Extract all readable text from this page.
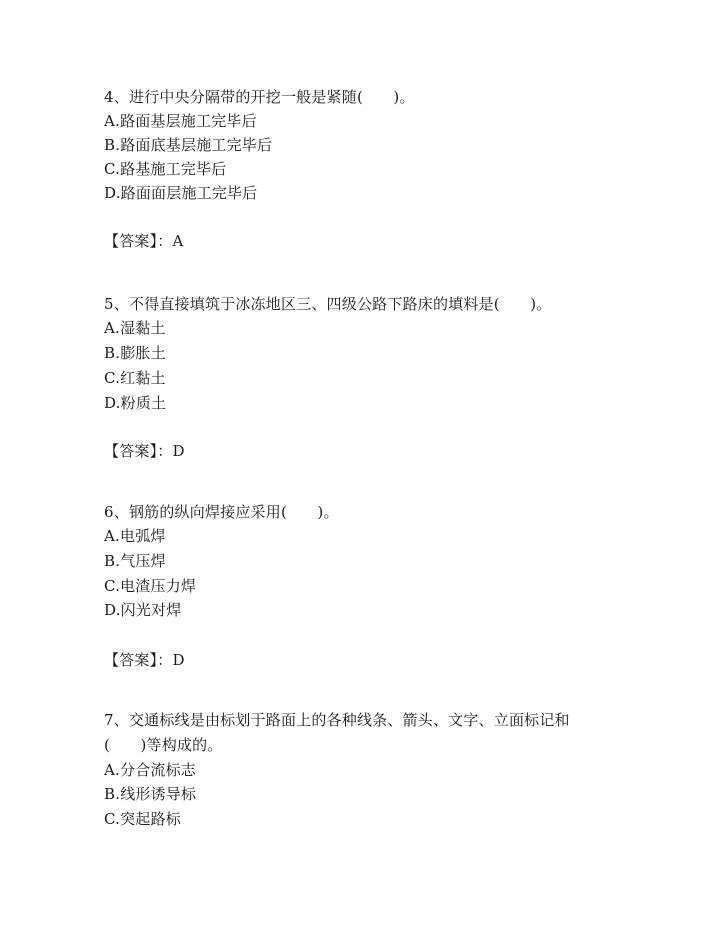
4、进行中央分隔带的开挖一般是紧随(　　)。
A.路面基层施工完毕后
B.路面底基层施工完毕后
C.路基施工完毕后
D.路面面层施工完毕后
【答案】：A
5、不得直接填筑于冰冻地区三、四级公路下路床的填料是(　　)。
A.湿黏土
B.膨胀土
C.红黏土
D.粉质土
【答案】：D
6、钢筋的纵向焊接应采用(　　)。
A.电弧焊
B.气压焊
C.电渣压力焊
D.闪光对焊
【答案】：D
7、交通标线是由标划于路面上的各种线条、箭头、文字、立面标记和
(　　)等构成的。
A.分合流标志
B.线形诱导标
C.突起路标
